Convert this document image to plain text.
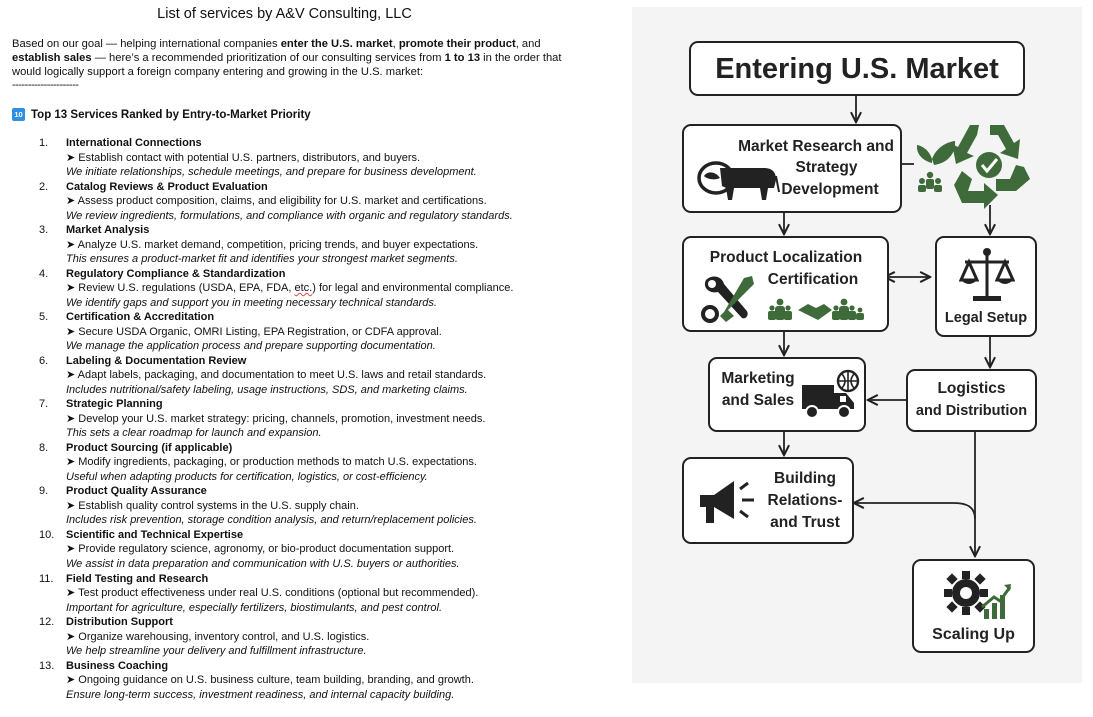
List of services by A&V Consulting, LLC
Based on our goal — helping international companies enter the U.S. market, promote their product, and establish sales — here’s a recommended prioritization of our consulting services from 1 to 13 in the order that would logically support a foreign company entering and growing in the U.S. market:
---------------------
10 Top 13 Services Ranked by Entry-to-Market Priority
1. International Connections
➤ Establish contact with potential U.S. partners, distributors, and buyers.
We initiate relationships, schedule meetings, and prepare for business development.
2. Catalog Reviews & Product Evaluation
➤ Assess product composition, claims, and eligibility for U.S. market and certifications.
We review ingredients, formulations, and compliance with organic and regulatory standards.
3. Market Analysis
➤ Analyze U.S. market demand, competition, pricing trends, and buyer expectations.
This ensures a product-market fit and identifies your strongest market segments.
4. Regulatory Compliance & Standardization
➤ Review U.S. regulations (USDA, EPA, FDA, etc.) for legal and environmental compliance.
We identify gaps and support you in meeting necessary technical standards.
5. Certification & Accreditation
➤ Secure USDA Organic, OMRI Listing, EPA Registration, or CDFA approval.
We manage the application process and prepare supporting documentation.
6. Labeling & Documentation Review
➤ Adapt labels, packaging, and documentation to meet U.S. laws and retail standards.
Includes nutritional/safety labeling, usage instructions, SDS, and marketing claims.
7. Strategic Planning
➤ Develop your U.S. market strategy: pricing, channels, promotion, investment needs.
This sets a clear roadmap for launch and expansion.
8. Product Sourcing (if applicable)
➤ Modify ingredients, packaging, or production methods to match U.S. expectations.
Useful when adapting products for certification, logistics, or cost-efficiency.
9. Product Quality Assurance
➤ Establish quality control systems in the U.S. supply chain.
Includes risk prevention, storage condition analysis, and return/replacement policies.
10. Scientific and Technical Expertise
➤ Provide regulatory science, agronomy, or bio-product documentation support.
We assist in data preparation and communication with U.S. buyers or authorities.
11. Field Testing and Research
➤ Test product effectiveness under real U.S. conditions (optional but recommended).
Important for agriculture, especially fertilizers, biostimulants, and pest control.
12. Distribution Support
➤ Organize warehousing, inventory control, and U.S. logistics.
We help streamline your delivery and fulfillment infrastructure.
13. Business Coaching
➤ Ongoing guidance on U.S. business culture, team building, branding, and growth.
Ensure long-term success, investment readiness, and internal capacity building.
Entering U.S. Market
Market Research and
Strategy
Development
Product Localization
Certification
Legal Setup
Marketing
and Sales
Logistics
and Distribution
Building
Relations-
and Trust
Scaling Up
